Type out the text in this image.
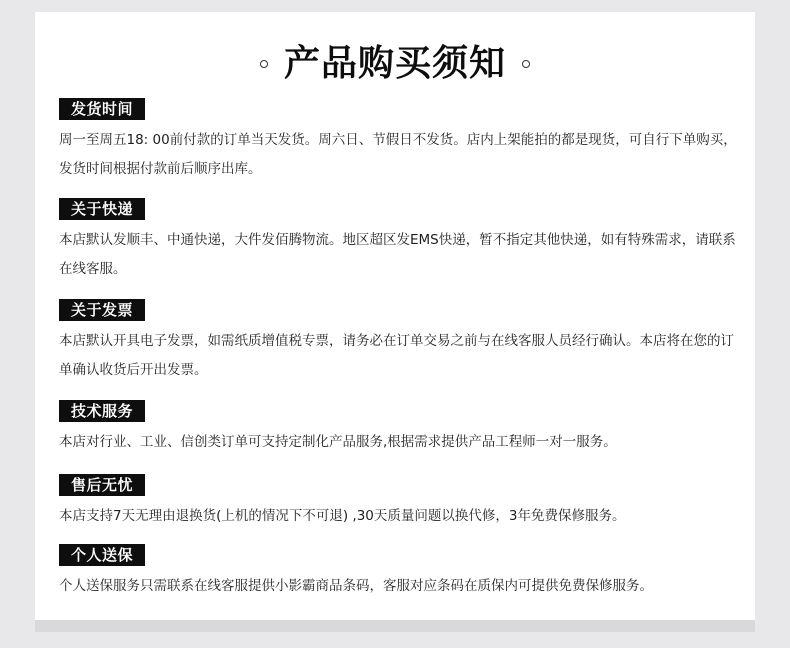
产品购买须知
发货时间
周一至周五18: 00前付款的订单当天发货。周六日、节假日不发货。店内上架能拍的都是现货，可自行下单购买，发货时间根据付款前后顺序出库。
关于快递
本店默认发顺丰、中通快递，大件发佰腾物流。地区超区发EMS快递，暂不指定其他快递，如有特殊需求，请联系在线客服。
关于发票
本店默认开具电子发票，如需纸质增值税专票，请务必在订单交易之前与在线客服人员经行确认。本店将在您的订单确认收货后开出发票。
技术服务
本店对行业、工业、信创类订单可支持定制化产品服务,根据需求提供产品工程师一对一服务。
售后无忧
本店支持7天无理由退换货(上机的情况下不可退) ,30天质量问题以换代修，3年免费保修服务。
个人送保
个人送保服务只需联系在线客服提供小影霸商品条码，客服对应条码在质保内可提供免费保修服务。
